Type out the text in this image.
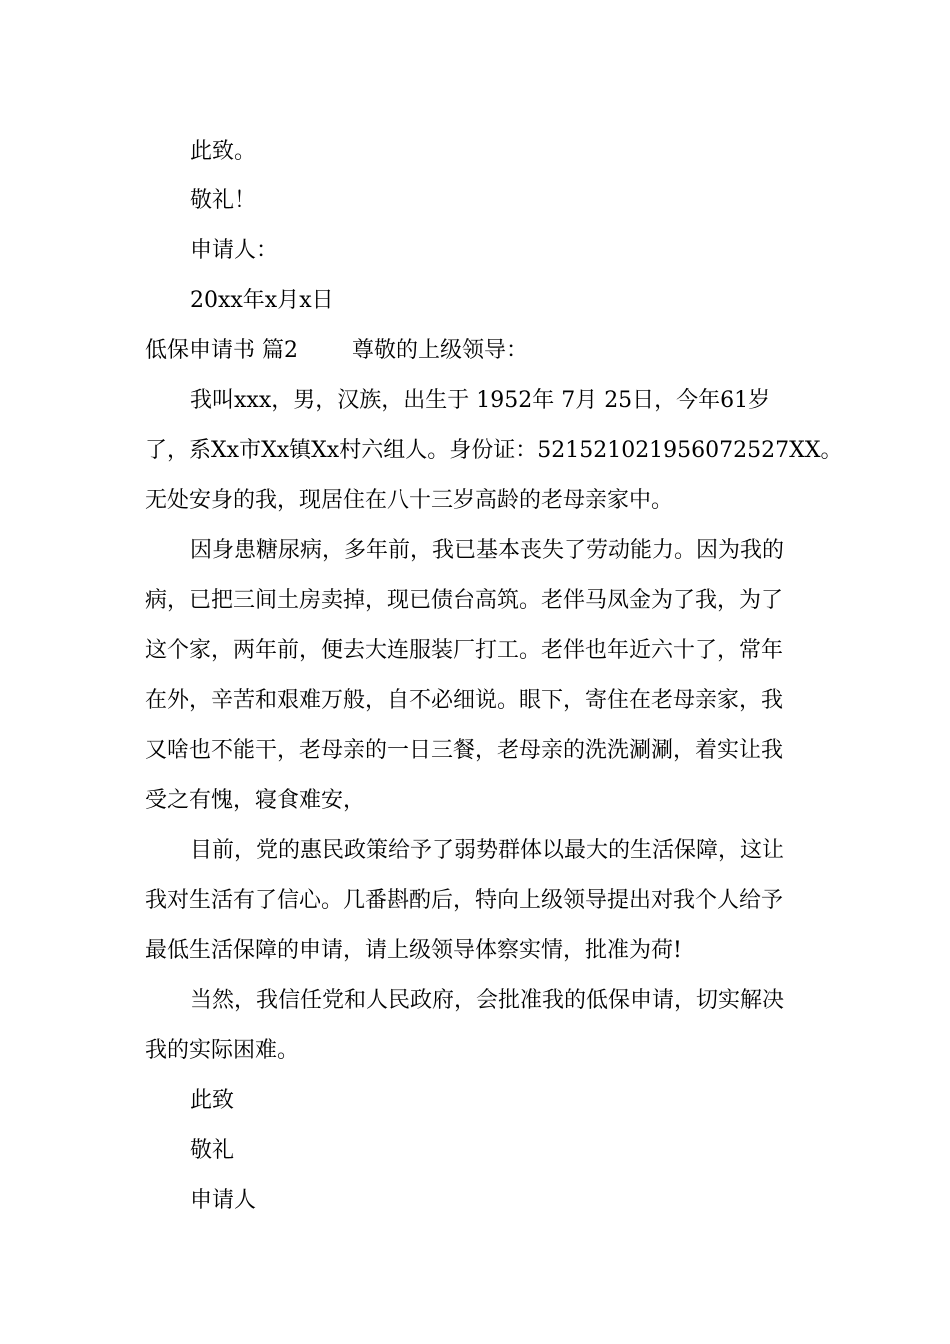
此致。
敬礼！
申请人：
20xx年x月x日
低保申请书 篇2 尊敬的上级领导：
我叫xxx，男，汉族，出生于 1952年 7月 25日，今年61岁
了，系Xx市Xx镇Xx村六组人。身份证：5215210219560725​27XX。
无处安身的我，现居住在八十三岁高龄的老母亲家中。
因身患糖尿病，多年前，我已基本丧失了劳动能力。因为我的
病，已把三间土房卖掉，现已债台高筑。老伴马凤金为了我，为了
这个家，两年前，便去大连服装厂打工。老伴也年近六十了，常年
在外，辛苦和艰难万般，自不必细说。眼下，寄住在老母亲家，我
又啥也不能干，老母亲的一日三餐，老母亲的洗洗涮涮，着实让我
受之有愧，寝食难安，
目前，党的惠民政策给予了弱势群体以最大的生活保障，这让
我对生活有了信心。几番斟酌后，特向上级领导提出对我个人给予
最低生活保障的申请，请上级领导体察实情，批准为荷!
当然，我信任党和人民政府，会批准我的低保申请，切实解决
我的实际困难。
此致
敬礼
申请人
